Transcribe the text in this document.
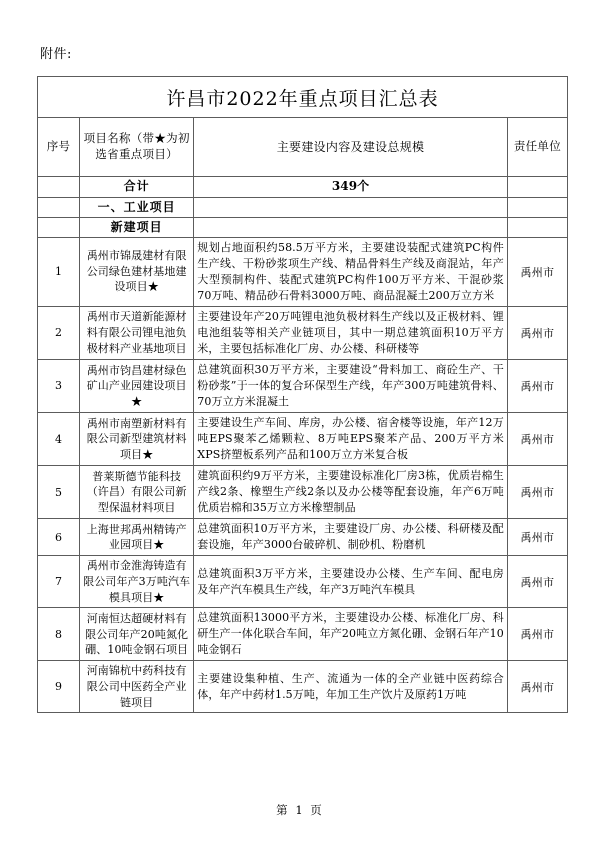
附件:
许昌市2022年重点项目汇总表			
序号	项目名称（带★为初选省重点项目）	主要建设内容及建设总规模	责任单位
	合计	349个	
	一、工业项目		
	新建项目		
1	禹州市锦晟建材有限公司绿色建材基地建设项目★	规划占地面积约58.5万平方米，主要建设装配式建筑PC构件生产线、干粉砂浆项生产线、精品骨料生产线及商混站，年产大型预制构件、装配式建筑PC构件100万平方米、干混砂浆70万吨、精品砂石骨料3000万吨、商品混凝土200万立方米	禹州市
2	禹州市天道新能源材料有限公司锂电池负极材料产业基地项目	主要建设年产20万吨锂电池负极材料生产线以及正极材料、锂电池组装等相关产业链项目，其中一期总建筑面积10万平方米，主要包括标准化厂房、办公楼、科研楼等	禹州市
3	禹州市钧昌建材绿色矿山产业园建设项目★	总建筑面积30万平方米，主要建设“骨料加工、商砼生产、干粉砂浆”于一体的复合环保型生产线，年产300万吨建筑骨料、70万立方米混凝土	禹州市
4	禹州市南塑新材料有限公司新型建筑材料项目★	主要建设生产车间、库房，办公楼、宿舍楼等设施，年产12万吨EPS聚苯乙烯颗粒、8万吨EPS聚苯产品、200万平方米XPS挤塑板系列产品和100万立方米复合板	禹州市
5	普莱斯德节能科技（许昌）有限公司新型保温材料项目	建筑面积约9万平方米，主要建设标准化厂房3栋，优质岩棉生产线2条、橡塑生产线2条以及办公楼等配套设施，年产6万吨优质岩棉和35万立方米橡塑制品	禹州市
6	上海世邦禹州精铸产业园项目★	总建筑面积10万平方米，主要建设厂房、办公楼、科研楼及配套设施，年产3000台破碎机、制砂机、粉磨机	禹州市
7	禹州市金淮海铸造有限公司年产3万吨汽车模具项目★	总建筑面积3万平方米，主要建设办公楼、生产车间、配电房及年产汽车模具生产线，年产3万吨汽车模具	禹州市
8	河南恒达超硬材料有限公司年产20吨氮化硼、10吨金钢石项目	总建筑面积13000平方米，主要建设办公楼、标准化厂房、科研生产一体化联合车间，年产20吨立方氮化硼、金钢石年产10吨金钢石	禹州市
9	河南锦杭中药科技有限公司中医药全产业链项目	主要建设集种植、生产、流通为一体的全产业链中医药综合体，年产中药材1.5万吨，年加工生产饮片及原药1万吨	禹州市
第 1 页
